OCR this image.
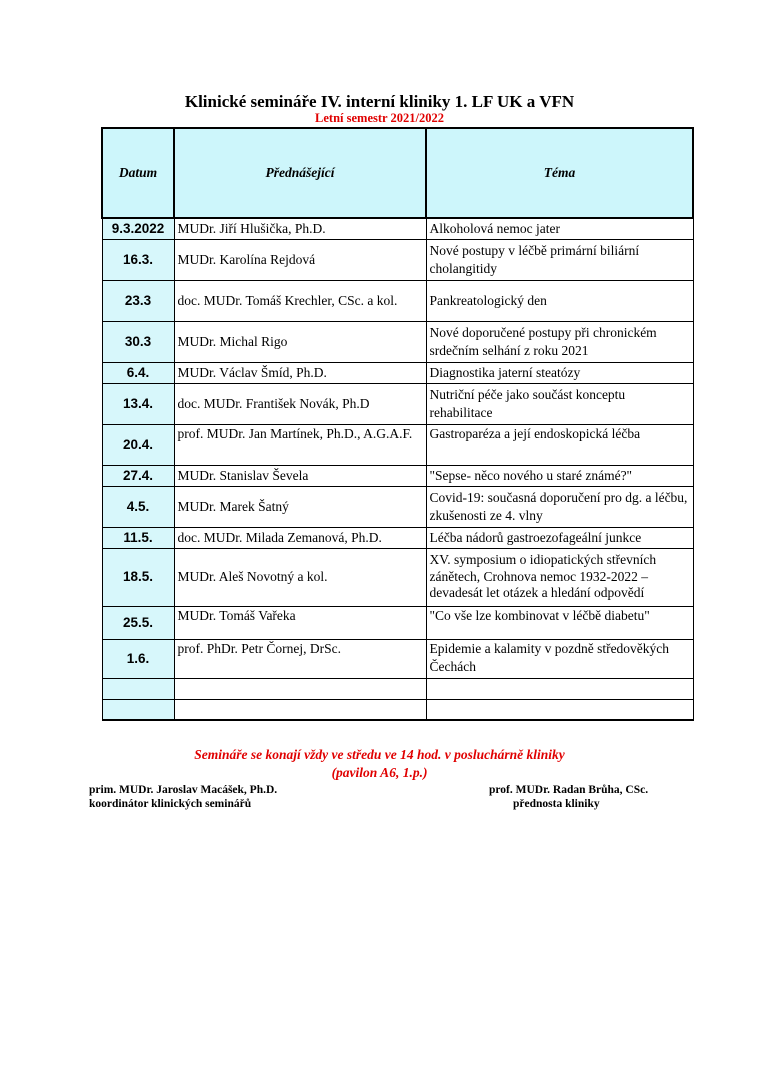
Klinické semináře IV. interní kliniky 1. LF UK a VFN
Letní semestr 2021/2022
Datum	Přednášející	Téma
9.3.2022	MUDr. Jiří Hlušička, Ph.D.	Alkoholová nemoc jater
16.3.	MUDr. Karolína Rejdová	Nové postupy v léčbě primární biliární cholangitidy
23.3	doc. MUDr. Tomáš Krechler, CSc. a kol.	Pankreatologický den
30.3	MUDr. Michal Rigo	Nové doporučené postupy při chronickém srdečním selhání z roku 2021
6.4.	MUDr. Václav Šmíd, Ph.D.	Diagnostika jaterní steatózy
13.4.	doc. MUDr. František Novák, Ph.D	Nutriční péče jako součást konceptu rehabilitace
20.4.	prof. MUDr. Jan Martínek, Ph.D., A.G.A.F.	Gastroparéza a její endoskopická léčba
27.4.	MUDr. Stanislav Ševela	"Sepse- něco nového u staré známé?"
4.5.	MUDr. Marek Šatný	Covid-19: současná doporučení pro dg. a léčbu, zkušenosti ze 4. vlny
11.5.	doc. MUDr. Milada Zemanová, Ph.D.	Léčba nádorů gastroezofageální junkce
18.5.	MUDr. Aleš Novotný a kol.	XV. symposium o idiopatických střevních zánětech, Crohnova nemoc 1932-2022 – devadesát let otázek a hledání odpovědí
25.5.	MUDr. Tomáš Vařeka	"Co vše lze kombinovat v léčbě diabetu"
1.6.	prof. PhDr. Petr Čornej, DrSc.	Epidemie a kalamity v pozdně středověkých Čechách

Semináře se konají vždy ve středu ve 14 hod. v posluchárně kliniky
(pavilon A6, 1.p.)
prim. MUDr. Jaroslav Macášek, Ph.D.
koordinátor klinických seminářů
prof. MUDr. Radan Brůha, CSc.
přednosta kliniky
